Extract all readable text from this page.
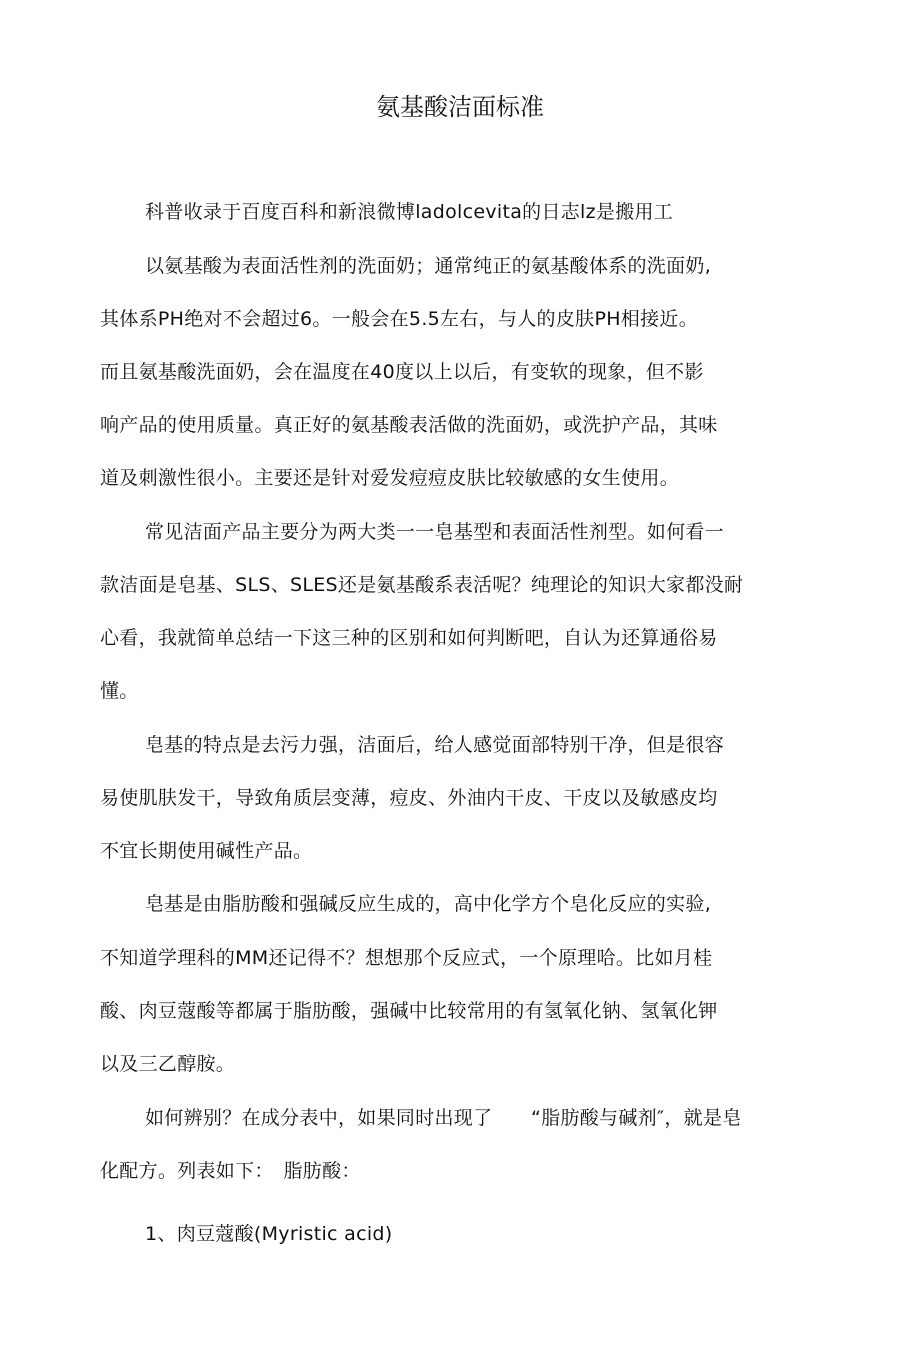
氨基酸洁面标准
科普收录于百度百科和新浪微博ladolcevita的日志lz是搬用工
以氨基酸为表面活性剂的洗面奶；通常纯正的氨基酸体系的洗面奶,
其体系PH绝对不会超过6。一般会在5.5左右，与人的皮肤PH相接近。
而且氨基酸洗面奶，会在温度在40度以上以后，有变软的现象，但不影
响产品的使用质量。真正好的氨基酸表活做的洗面奶，或洗护产品，其味
道及刺激性很小。主要还是针对爱发痘痘皮肤比较敏感的女生使用。
常见洁面产品主要分为两大类一一皂基型和表面活性剂型。如何看一
款洁面是皂基、SLS、SLES还是氨基酸系表活呢？纯理论的知识大家都没耐
心看，我就简单总结一下这三种的区别和如何判断吧，自认为还算通俗易
懂。
皂基的特点是去污力强，洁面后，给人感觉面部特别干净，但是很容
易使肌肤发干，导致角质层变薄，痘皮、外油内干皮、干皮以及敏感皮均
不宜长期使用碱性产品。
皂基是由脂肪酸和强碱反应生成的，高中化学方个皂化反应的实验,
不知道学理科的MM还记得不？想想那个反应式，一个原理哈。比如月桂
酸、肉豆蔻酸等都属于脂肪酸，强碱中比较常用的有氢氧化钠、氢氧化钾
以及三乙醇胺。
如何辨别？在成分表中，如果同时出现了　　“脂肪酸与碱剂″，就是皂
化配方。列表如下：　脂肪酸：
1、肉豆蔻酸(Myristic acid)
